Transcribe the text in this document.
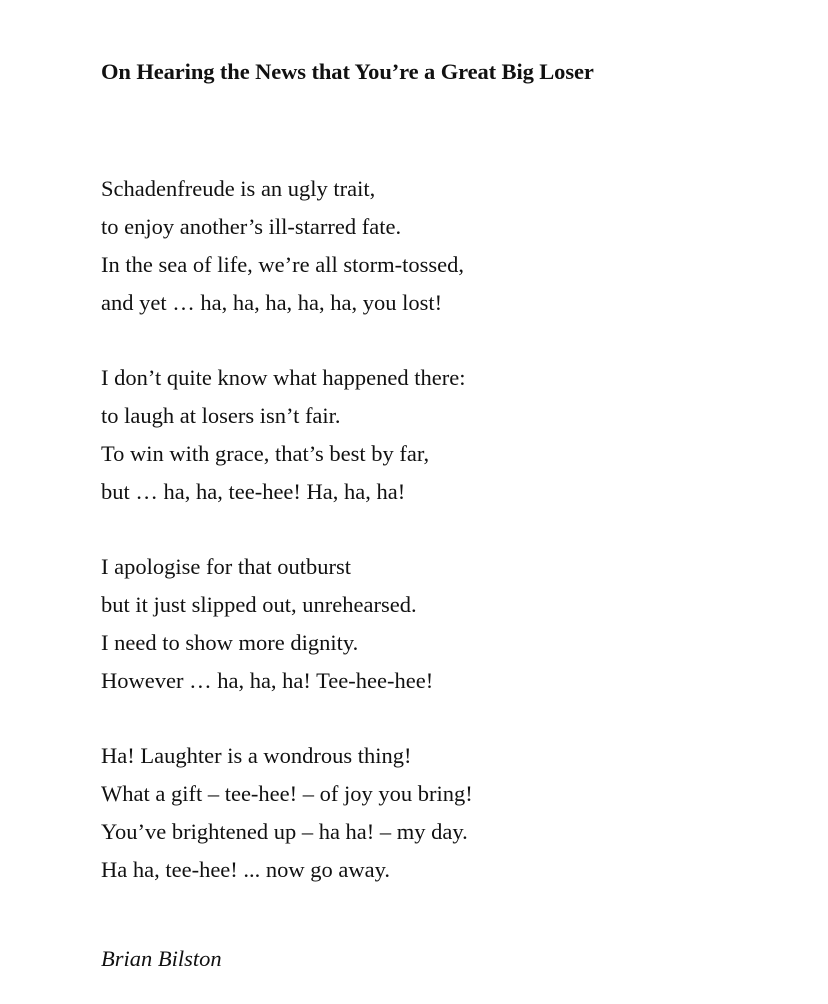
On Hearing the News that You’re a Great Big Loser
Schadenfreude is an ugly trait,
to enjoy another’s ill-starred fate.
In the sea of life, we’re all storm-tossed,
and yet … ha, ha, ha, ha, ha, you lost!
I don’t quite know what happened there:
to laugh at losers isn’t fair.
To win with grace, that’s best by far,
but … ha, ha, tee-hee! Ha, ha, ha!
I apologise for that outburst
but it just slipped out, unrehearsed.
I need to show more dignity.
However … ha, ha, ha! Tee-hee-hee!
Ha! Laughter is a wondrous thing!
What a gift – tee-hee! – of joy you bring!
You’ve brightened up – ha ha! – my day.
Ha ha, tee-hee! ... now go away.

Brian Bilston
